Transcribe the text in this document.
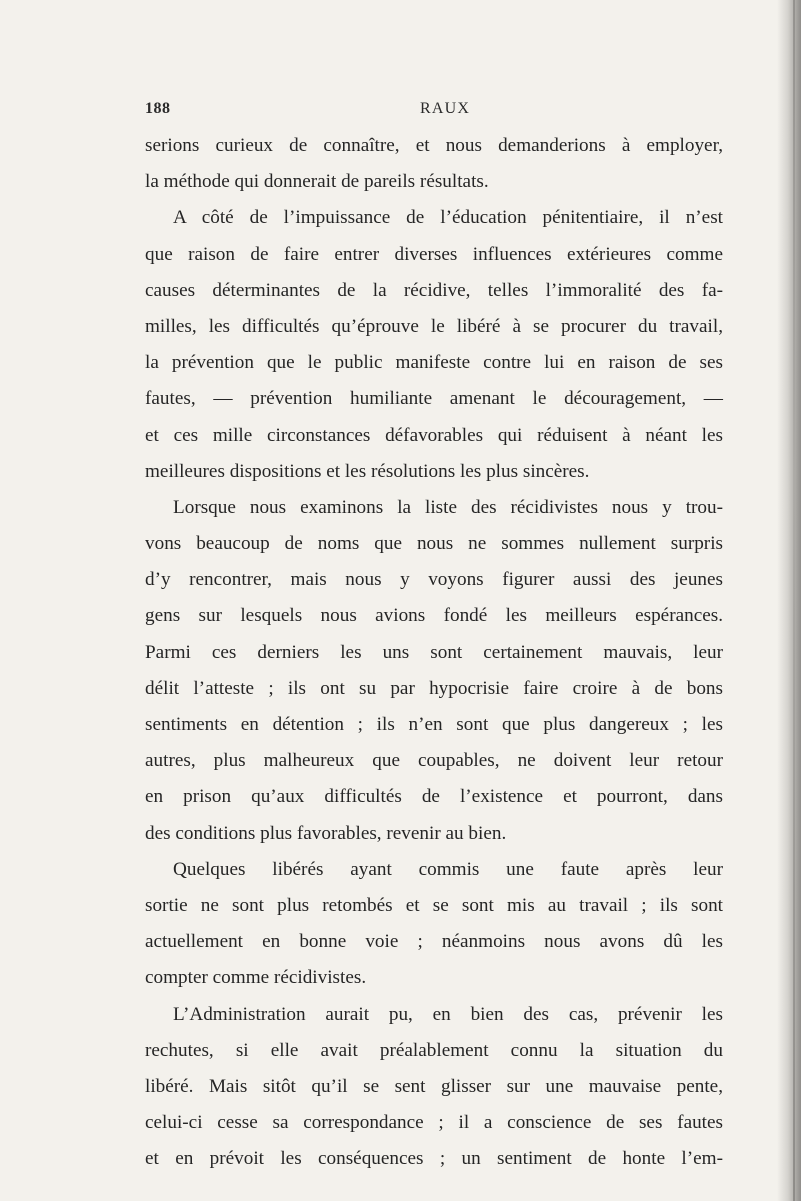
188	RAUX
serions curieux de connaître, et nous demanderions à employer,
la méthode qui donnerait de pareils résultats.
A côté de l’impuissance de l’éducation pénitentiaire, il n’est
que raison de faire entrer diverses influences extérieures comme
causes déterminantes de la récidive, telles l’immoralité des fa-
milles, les difficultés qu’éprouve le libéré à se procurer du travail,
la prévention que le public manifeste contre lui en raison de ses
fautes, — prévention humiliante amenant le découragement, —
et ces mille circonstances défavorables qui réduisent à néant les
meilleures dispositions et les résolutions les plus sincères.
Lorsque nous examinons la liste des récidivistes nous y trou-
vons beaucoup de noms que nous ne sommes nullement surpris
d’y rencontrer, mais nous y voyons figurer aussi des jeunes
gens sur lesquels nous avions fondé les meilleurs espérances.
Parmi ces derniers les uns sont certainement mauvais, leur
délit l’atteste ; ils ont su par hypocrisie faire croire à de bons
sentiments en détention ; ils n’en sont que plus dangereux ; les
autres, plus malheureux que coupables, ne doivent leur retour
en prison qu’aux difficultés de l’existence et pourront, dans
des conditions plus favorables, revenir au bien.
Quelques libérés ayant commis une faute après leur
sortie ne sont plus retombés et se sont mis au travail ; ils sont
actuellement en bonne voie ; néanmoins nous avons dû les
compter comme récidivistes.
L’Administration aurait pu, en bien des cas, prévenir les
rechutes, si elle avait préalablement connu la situation du
libéré. Mais sitôt qu’il se sent glisser sur une mauvaise pente,
celui-ci cesse sa correspondance ; il a conscience de ses fautes
et en prévoit les conséquences ; un sentiment de honte l’em-
